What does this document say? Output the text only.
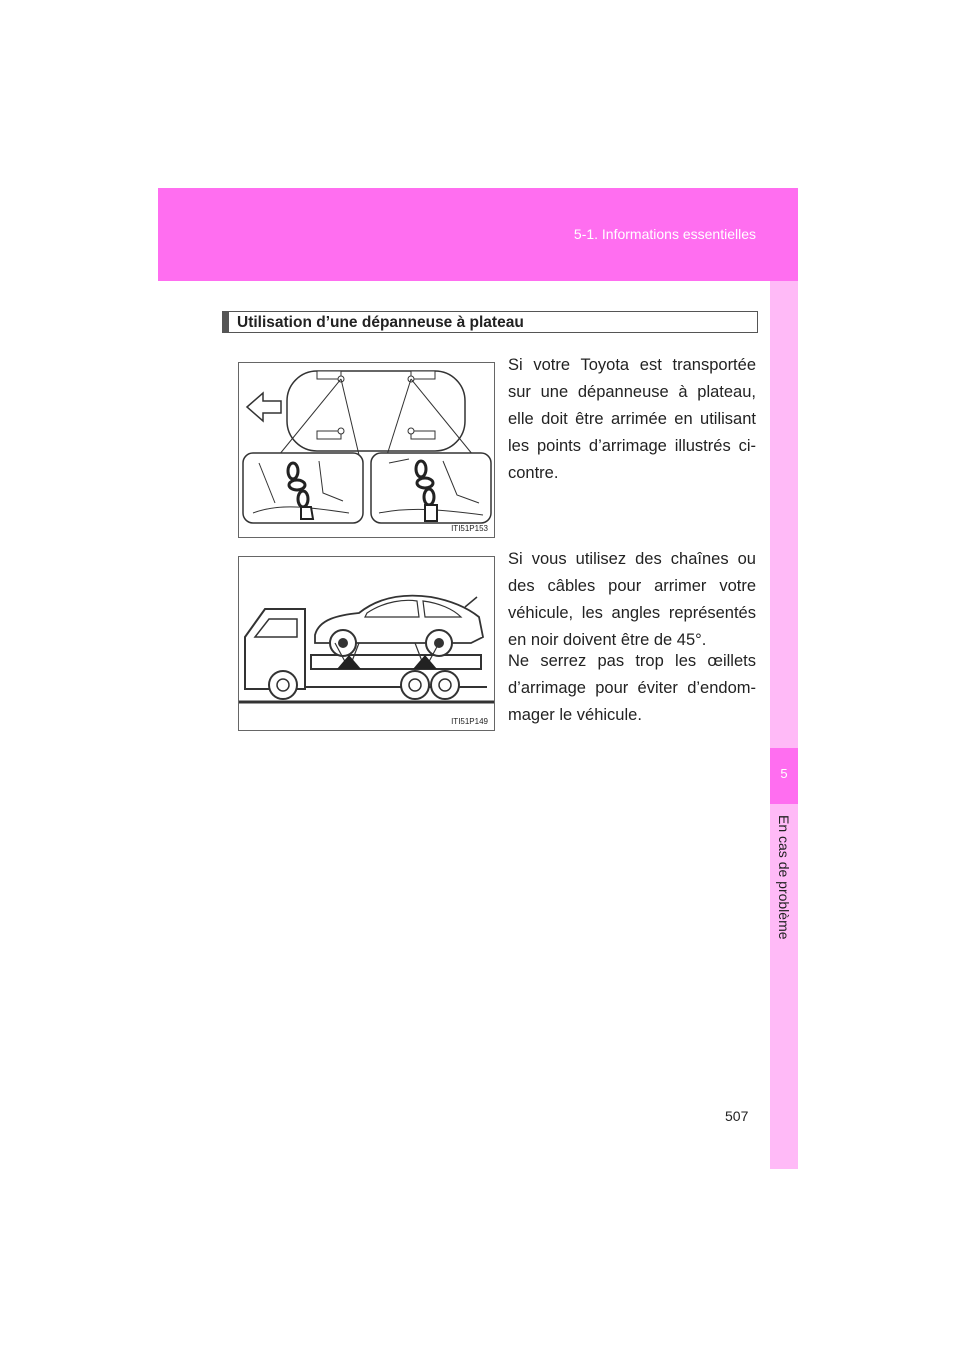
5-1. Informations essentielles
5
En cas de problème
Utilisation d’une dépanneuse à plateau
ITI51P153
ITI51P149

Si votre Toyota est transportée sur une dépanneuse à plateau, elle doit être arrimée en utilisant les points d’arrimage illustrés ci-contre.

Si vous utilisez des chaînes ou des câbles pour arrimer votre véhicule, les angles représentés en noir doivent être de 45°.

Ne serrez pas trop les œillets d’arrimage pour éviter d’endom-mager le véhicule.

507
